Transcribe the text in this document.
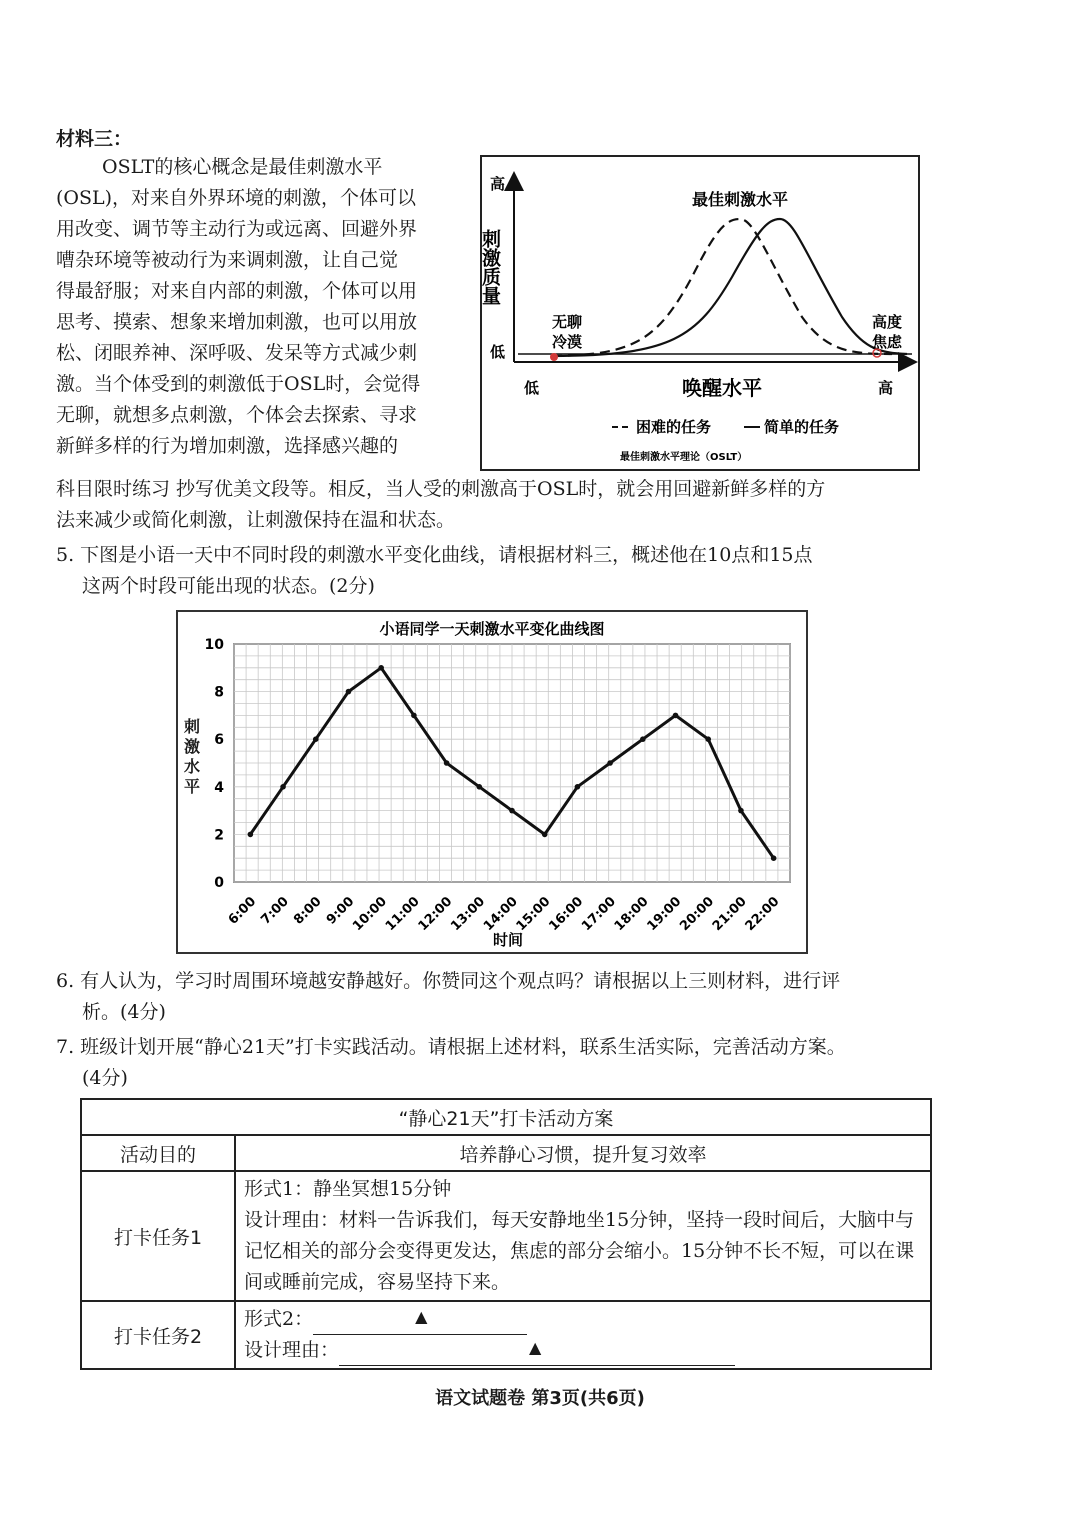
材料三：
OSLT的核心概念是最佳刺激水平
(OSL)，对来自外界环境的刺激，个体可以
用改变、调节等主动行为或远离、回避外界
嘈杂环境等被动行为来调刺激，让自己觉
得最舒服；对来自内部的刺激，个体可以用
思考、摸索、想象来增加刺激，也可以用放
松、闭眼养神、深呼吸、发呆等方式减少刺
激。当个体受到的刺激低于OSL时，会觉得
无聊，就想多点刺激，个体会去探索、寻求
新鲜多样的行为增加刺激，选择感兴趣的
科目限时练习 抄写优美文段等。相反，当人受的刺激高于OSL时，就会用回避新鲜多样的方
法来减少或简化刺激，让刺激保持在温和状态。
高
低
刺激质量
低	高
唤醒水平
最佳刺激水平
无聊
冷漠
高度
焦虑
困难的任务	简单的任务
最佳刺激水平理论（OSLT）
5. 下图是小语一天中不同时段的刺激水平变化曲线，请根据材料三，概述他在10点和15点
这两个时段可能出现的状态。(2分)
0
2
4
6
8
10
6:00 7:00 8:00 9:00
10:00
11:00
12:00
13:00
14:00
15:00
16:00
17:00
18:00
19:00
20:00
21:00
22:00
小语同学一天刺激水平变化曲线图
时间
刺激水平
6. 有人认为，学习时周围环境越安静越好。你赞同这个观点吗？请根据以上三则材料，进行评
析。(4分)
7. 班级计划开展“静心21天”打卡实践活动。请根据上述材料，联系生活实际，完善活动方案。
(4分)
“静心21天”打卡活动方案	
活动目的	培养静心习惯，提升复习效率
打卡任务1	形式1：静坐冥想15分钟
设计理由：材料一告诉我们，每天安静地坐15分钟，坚持一段时间后，大脑中与记忆相关的部分会变得更发达，焦虑的部分会缩小。15分钟不长不短，可以在课间或睡前完成，容易坚持下来。

打卡任务2	形式2： ▲
设计理由： ▲
语文试题卷 第3页(共6页)
